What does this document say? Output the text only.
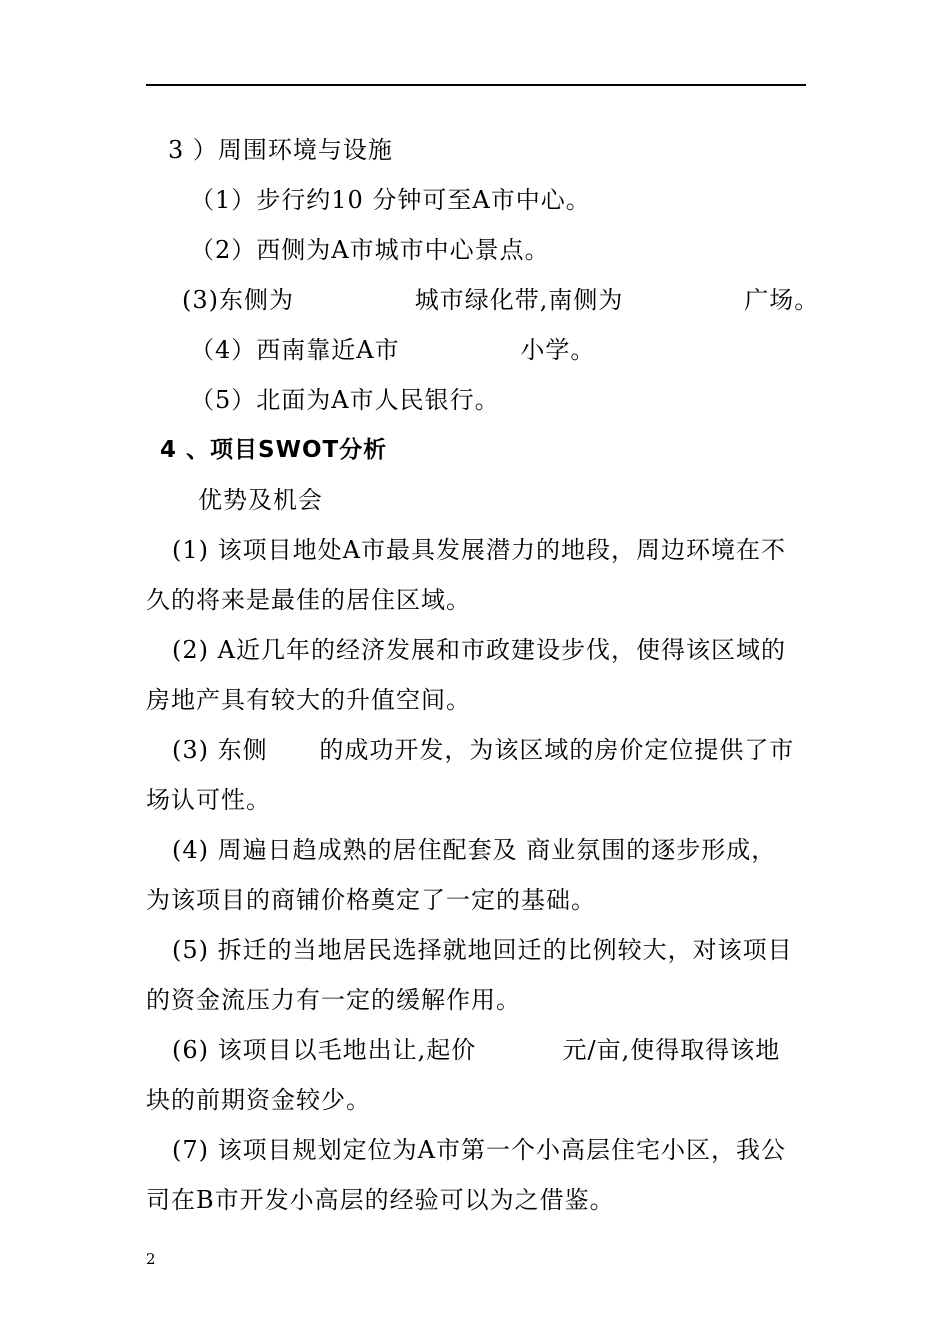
3 ）周围环境与设施
（1）步行约10 分钟可至A市中心。
（2）西侧为A市城市中心景点。
(3)东侧为              城市绿化带,南侧为              广场。
（4）西南靠近A市              小学。
（5）北面为A市人民银行。
4 、项目SWOT分析
优势及机会
(1) 该项目地处A市最具发展潜力的地段，周边环境在不
久的将来是最佳的居住区域。
(2) A近几年的经济发展和市政建设步伐，使得该区域的
房地产具有较大的升值空间。
(3) 东侧      的成功开发，为该区域的房价定位提供了市
场认可性。
(4) 周遍日趋成熟的居住配套及 商业氛围的逐步形成，
为该项目的商铺价格奠定了一定的基础。
(5) 拆迁的当地居民选择就地回迁的比例较大，对该项目
的资金流压力有一定的缓解作用。
(6) 该项目以毛地出让,起价          元/亩,使得取得该地
块的前期资金较少。
(7) 该项目规划定位为A市第一个小高层住宅小区，我公
司在B市开发小高层的经验可以为之借鉴。
2
